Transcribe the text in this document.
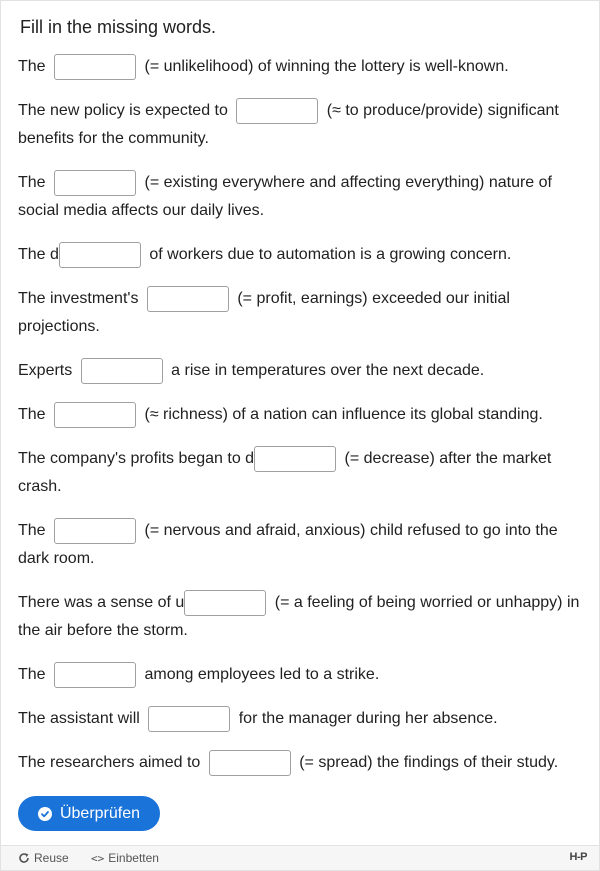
Fill in the missing words.
The	(= unlikelihood) of winning the lottery is well-known.
The new policy is expected to	(≈ to produce/provide) significant benefits for the community.
The	(= existing everywhere and affecting everything) nature of social media affects our daily lives.
The d	of workers due to automation is a growing concern.
The investment's	(= profit, earnings) exceeded our initial projections.
Experts	a rise in temperatures over the next decade.
The	(≈ richness) of a nation can influence its global standing.
The company's profits began to d	(= decrease) after the market crash.
The	(= nervous and afraid, anxious) child refused to go into the dark room.
There was a sense of u	(= a feeling of being worried or unhappy) in the air before the storm.
The	among employees led to a strike.
The assistant will	for the manager during her absence.
The researchers aimed to	(= spread) the findings of their study.
Überprüfen
Reuse <> Einbetten	H-P
